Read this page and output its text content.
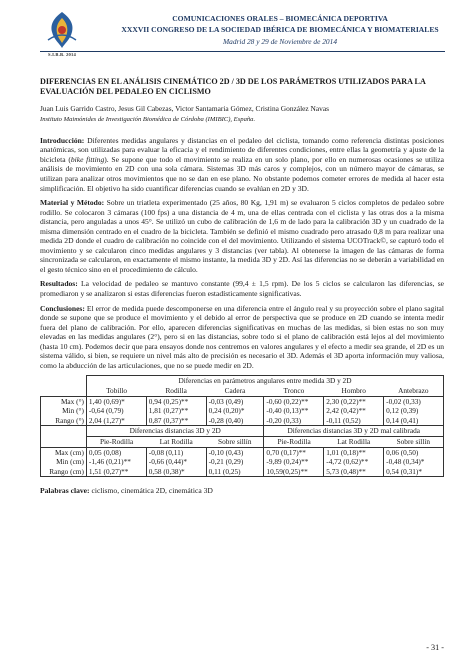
S.I.B.B. 2014
COMUNICACIONES ORALES – BIOMECÁNICA DEPORTIVA
XXXVII CONGRESO DE LA SOCIEDAD IBÉRICA DE BIOMECÁNICA Y BIOMATERIALES
Madrid 28 y 29 de Noviembre de 2014

DIFERENCIAS EN EL ANÁLISIS CINEMÁTICO 2D / 3D DE LOS PARÁMETROS UTILIZADOS PARA LA EVALUACIÓN DEL PEDALEO EN CICLISMO

Juan Luis Garrido Castro, Jesus Gil Cabezas, Victor Santamaria Gómez, Cristina González Navas
Instituto Maimónides de Investigación Biomédica de Córdoba (IMIBIC), España.

Introducción: Diferentes medidas angulares y distancias en el pedaleo del ciclista, tomando como referencia distintas posiciones anatómicas, son utilizadas para evaluar la eficacia y el rendimiento de diferentes condiciones, entre ellas la geometría y ajuste de la bicicleta (bike fitting). Se supone que todo el movimiento se realiza en un solo plano, por ello en numerosas ocasiones se utiliza análisis de movimiento en 2D con una sola cámara. Sistemas 3D más caros y complejos, con un número mayor de cámaras, se utilizan para analizar otros movimientos que no se dan en ese plano. No obstante podemos cometer errores de medida al hacer esta simplificación. El objetivo ha sido cuantificar diferencias cuando se evalúan en 2D y 3D.

Material y Método: Sobre un triatleta experimentado (25 años, 80 Kg, 1,91 m) se evaluaron 5 ciclos completos de pedaleo sobre rodillo. Se colocaron 3 cámaras (100 fps) a una distancia de 4 m, una de ellas centrada con el ciclista y las otras dos a la misma distancia, pero anguladas a unos 45°. Se utilizó un cubo de calibración de 1,6 m de lado para la calibración 3D y un cuadrado de la misma dimensión centrado en el cuadro de la bicicleta. También se definió el mismo cuadrado pero atrasado 0,8 m para realizar una medida 2D donde el cuadro de calibración no coincide con el del movimiento. Utilizando el sistema UCOTrack©, se capturó todo el movimiento y se calcularon cinco medidas angulares y 3 distancias (ver tabla). Al obtenerse la imagen de las cámaras de forma sincronizada se calcularon, en exactamente el mismo instante, la medida 3D y 2D. Así las diferencias no se deberán a variabilidad en el gesto técnico sino en el procedimiento de cálculo.

Resultados: La velocidad de pedaleo se mantuvo constante (99,4 ± 1,5 rpm). De los 5 ciclos se calcularon las diferencias, se promediaron y se analizaron si estas diferencias fueron estadísticamente significativas.

Conclusiones: El error de medida puede descomponerse en una diferencia entre el ángulo real y su proyección sobre el plano sagital donde se supone que se produce el movimiento y el debido al error de perspectiva que se produce en 2D cuando se intenta medir fuera del plano de calibración. Por ello, aparecen diferencias significativas en muchas de las medidas, si bien estas no son muy elevadas en las medidas angulares (2°), pero si en las distancias, sobre todo si el plano de calibración está lejos al del movimiento (hasta 10 cm). Podemos decir que para ensayos donde nos centremos en valores angulares y el efecto a medir sea grande, el 2D es un sistema válido, si bien, se requiere un nivel más alto de precisión es necesario el 3D. Además el 3D aporta información muy valiosa, como la abducción de las articulaciones, que no se puede medir en 2D.

	Diferencias en parámetros angulares entre medida 3D y 2D					
	Tobillo	Rodilla	Cadera	Tronco	Hombro	Antebrazo
Max (°)	1,40 (0,69)*	0,94 (0,25)**	-0,03 (0,49)	-0,60 (0,22)**	2,30 (0,22)**	-0,02 (0,33)
Min (°)	-0,64 (0,79)	1,81 (0,27)**	0,24 (0,20)*	-0,40 (0,13)**	2,42 (0,42)**	0,12 (0,39)
Rango (°)	2,04 (1,27)*	0,87 (0,37)**	-0,28 (0,40)	-0,20 (0,33)	-0,11 (0,52)	0,14 (0,41)
	Diferencias distancias 3D y 2D			Diferencias distancias 3D y 2D mal calibrada		
	Pie-Rodilla	Lat Rodilla	Sobre sillín	Pie-Rodilla	Lat Rodilla	Sobre sillín
Max (cm)	0,05 (0,08)	-0,08 (0,11)	-0,10 (0,43)	0,70 (0,17)**	1,01 (0,18)**	0,06 (0,50)
Min (cm)	-1,46 (0,21)**	-0,66 (0,44)*	-0,21 (0,29)	-9,89 (0,24)**	-4,72 (0,62)**	-0,48 (0,34)*
Rango (cm)	1,51 (0,27)**	0,58 (0,38)*	0,11 (0,25)	10,59(0,25)**	5,73 (0,48)**	0,54 (0,31)*
Palabras clave: ciclismo, cinemática 2D, cinemática 3D
- 31 -
